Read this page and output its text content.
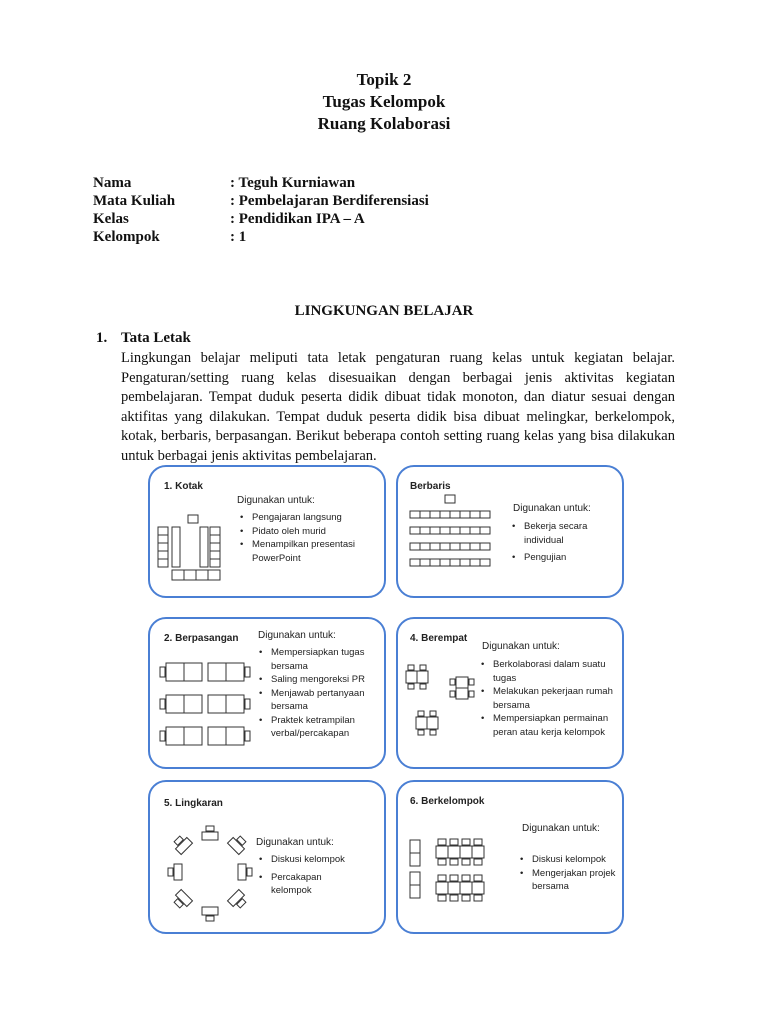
Topik 2
Tugas Kelompok
Ruang Kolaborasi
Nama	: Teguh Kurniawan
Mata Kuliah	: Pembelajaran Berdiferensiasi
Kelas	: Pendidikan IPA – A
Kelompok	: 1
LINGKUNGAN BELAJAR
1. Tata Letak
Lingkungan belajar meliputi tata letak pengaturan ruang kelas untuk kegiatan belajar. Pengaturan/setting ruang kelas disesuaikan dengan berbagai jenis aktivitas kegiatan pembelajaran. Tempat duduk peserta didik dibuat tidak monoton, dan diatur sesuai dengan aktifitas yang dilakukan. Tempat duduk peserta didik bisa dibuat melingkar, berkelompok, kotak, berbaris, berpasangan. Berikut beberapa contoh setting ruang kelas yang bisa dilakukan untuk berbagai jenis aktivitas pembelajaran.
1. Kotak
Digunakan untuk:
• Pengajaran langsung
• Pidato oleh murid
• Menampilkan presentasi PowerPoint
Berbaris
Digunakan untuk:
• Bekerja secara individual
• Pengujian
2. Berpasangan Digunakan untuk:
• Mempersiapkan tugas bersama
• Saling mengoreksi PR
• Menjawab pertanyaan bersama
• Praktek ketrampilan verbal/percakapan
4. Berempat
Digunakan untuk:
• Berkolaborasi dalam suatu tugas
• Melakukan pekerjaan rumah bersama
• Mempersiapkan permainan peran atau kerja kelompok
5. Lingkaran
Digunakan untuk:
• Diskusi kelompok
• Percakapan kelompok
6. Berkelompok
Digunakan untuk:
• Diskusi kelompok
• Mengerjakan projek bersama
